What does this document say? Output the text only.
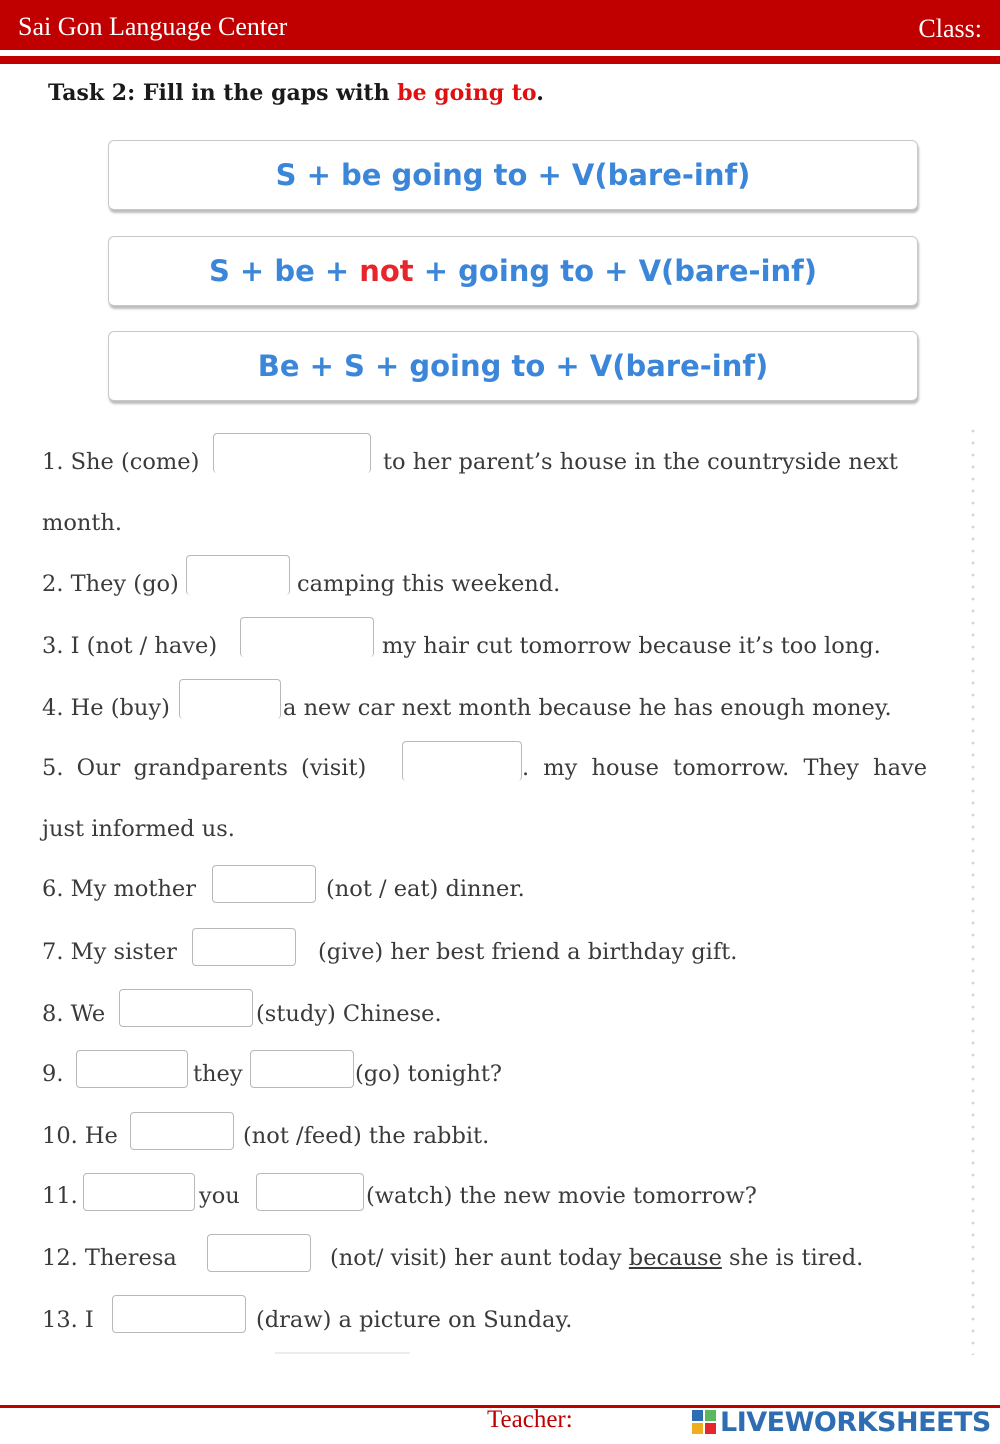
Sai Gon Language Center	Class:
Task 2: Fill in the gaps with be going to.
S + be going to + V(bare-inf)
S + be + not + going to + V(bare-inf)
Be + S + going to + V(bare-inf)
1. She (come)	to her parent’s house in the countryside next
month.
2. They (go)	camping this weekend.
3. I (not / have)	my hair cut tomorrow because it’s too long.
4. He (buy)	a new car next month because he has enough money.
5. Our grandparents (visit)	. my house tomorrow. They have
just informed us.
6. My mother	(not / eat) dinner.
7. My sister	(give) her best friend a birthday gift.
8. We	(study) Chinese.
9.	they	(go) tonight?
10. He	(not /feed) the rabbit.
11.	you	(watch) the new movie tomorrow?
12. Theresa	(not/ visit) her aunt today because she is tired.
13. I	(draw) a picture on Sunday.
Teacher:	LIVEWORKSHEETS
